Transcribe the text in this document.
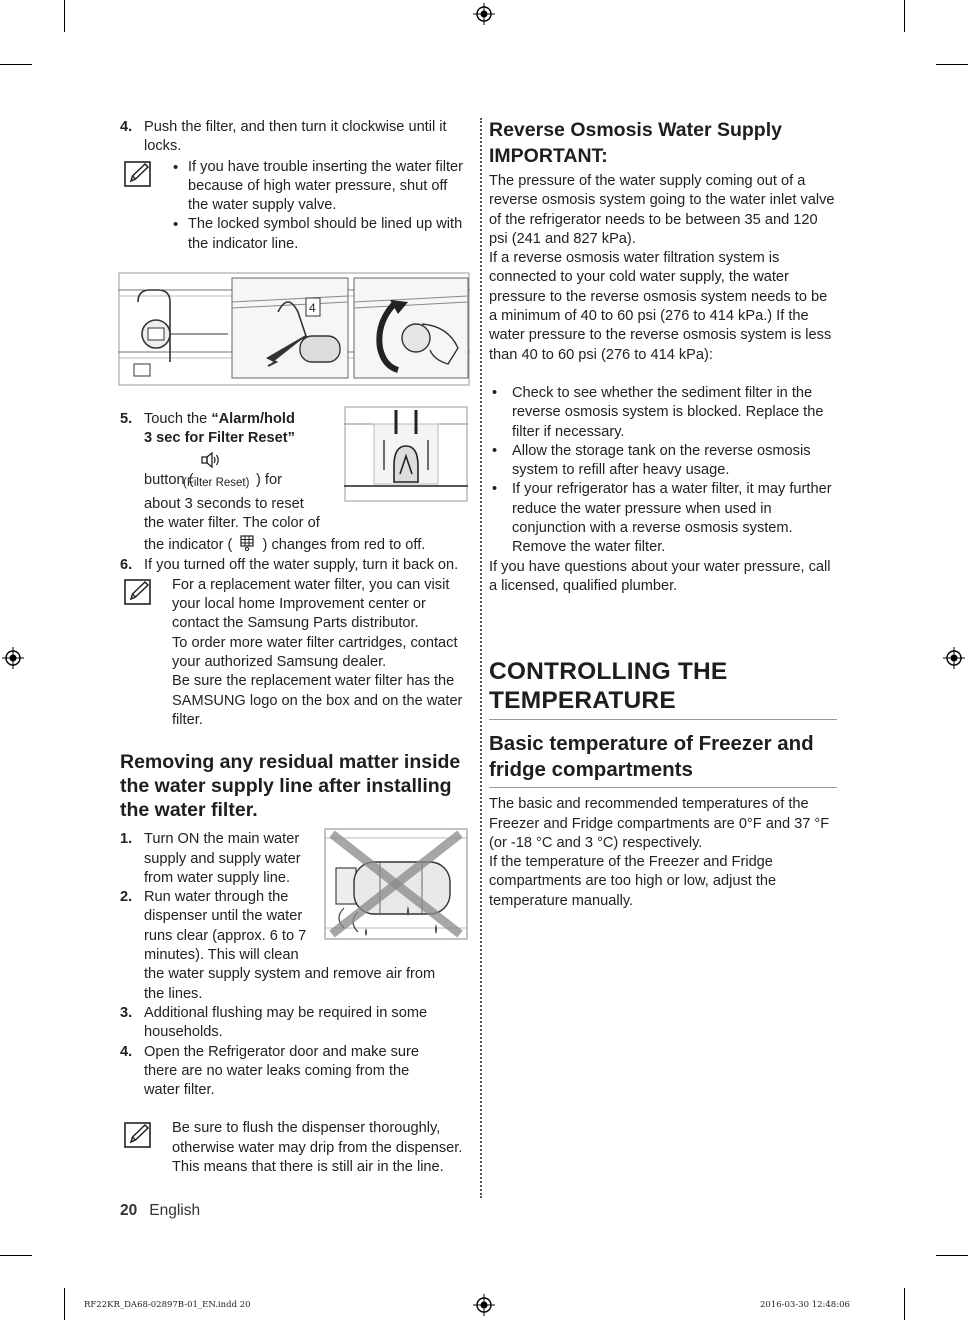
4. Push the filter, and then turn it clockwise until it locks.
• If you have trouble inserting the water filter because of high water pressure, shut off the water supply valve.
• The locked symbol should be lined up with the indicator line.
4
5. Touch the “Alarm/hold
3 sec for Filter Reset”
button (
(Filter Reset) ) for
about 3 seconds to reset
the water filter. The color of
the indicator ( ) changes from red to off.
6. If you turned off the water supply, turn it back on.
For a replacement water filter, you can visit your local home Improvement center or contact the Samsung Parts distributor.
To order more water filter cartridges, contact your authorized Samsung dealer.
Be sure the replacement water filter has the SAMSUNG logo on the box and on the water filter.
Removing any residual matter inside the water supply line after installing the water filter.
1. Turn ON the main water
supply and supply water
from water supply line.
2. Run water through the
dispenser until the water
runs clear (approx. 6 to 7
minutes). This will clean
the water supply system and remove air from
the lines.
3. Additional flushing may be required in some
households.
4. Open the Refrigerator door and make sure
there are no water leaks coming from the
water filter.
Be sure to flush the dispenser thoroughly, otherwise water may drip from the dispenser.
This means that there is still air in the line.
Reverse Osmosis Water Supply
IMPORTANT:

The pressure of the water supply coming out of a reverse osmosis system going to the water inlet valve of the refrigerator needs to be between 35 and 120 psi (241 and 827 kPa).

If a reverse osmosis water filtration system is connected to your cold water supply, the water pressure to the reverse osmosis system needs to be a minimum of 40 to 60 psi (276 to 414 kPa.) If the water pressure to the reverse osmosis system is less than 40 to 60 psi (276 to 414 kPa):

• Check to see whether the sediment filter in the reverse osmosis system is blocked. Replace the filter if necessary.
• Allow the storage tank on the reverse osmosis system to refill after heavy usage.
• If your refrigerator has a water filter, it may further reduce the water pressure when used in conjunction with a reverse osmosis system. Remove the water filter.

If you have questions about your water pressure, call a licensed, qualified plumber.

CONTROLLING THE TEMPERATURE
Basic temperature of Freezer and fridge compartments

The basic and recommended temperatures of the Freezer and Fridge compartments are 0°F and 37 °F (or -18 °C and 3 °C) respectively.

If the temperature of the Freezer and Fridge compartments are too high or low, adjust the temperature manually.

20 English
RF22KR_DA68-02897B-01_EN.indd 20	2016-03-30 12:48:06
